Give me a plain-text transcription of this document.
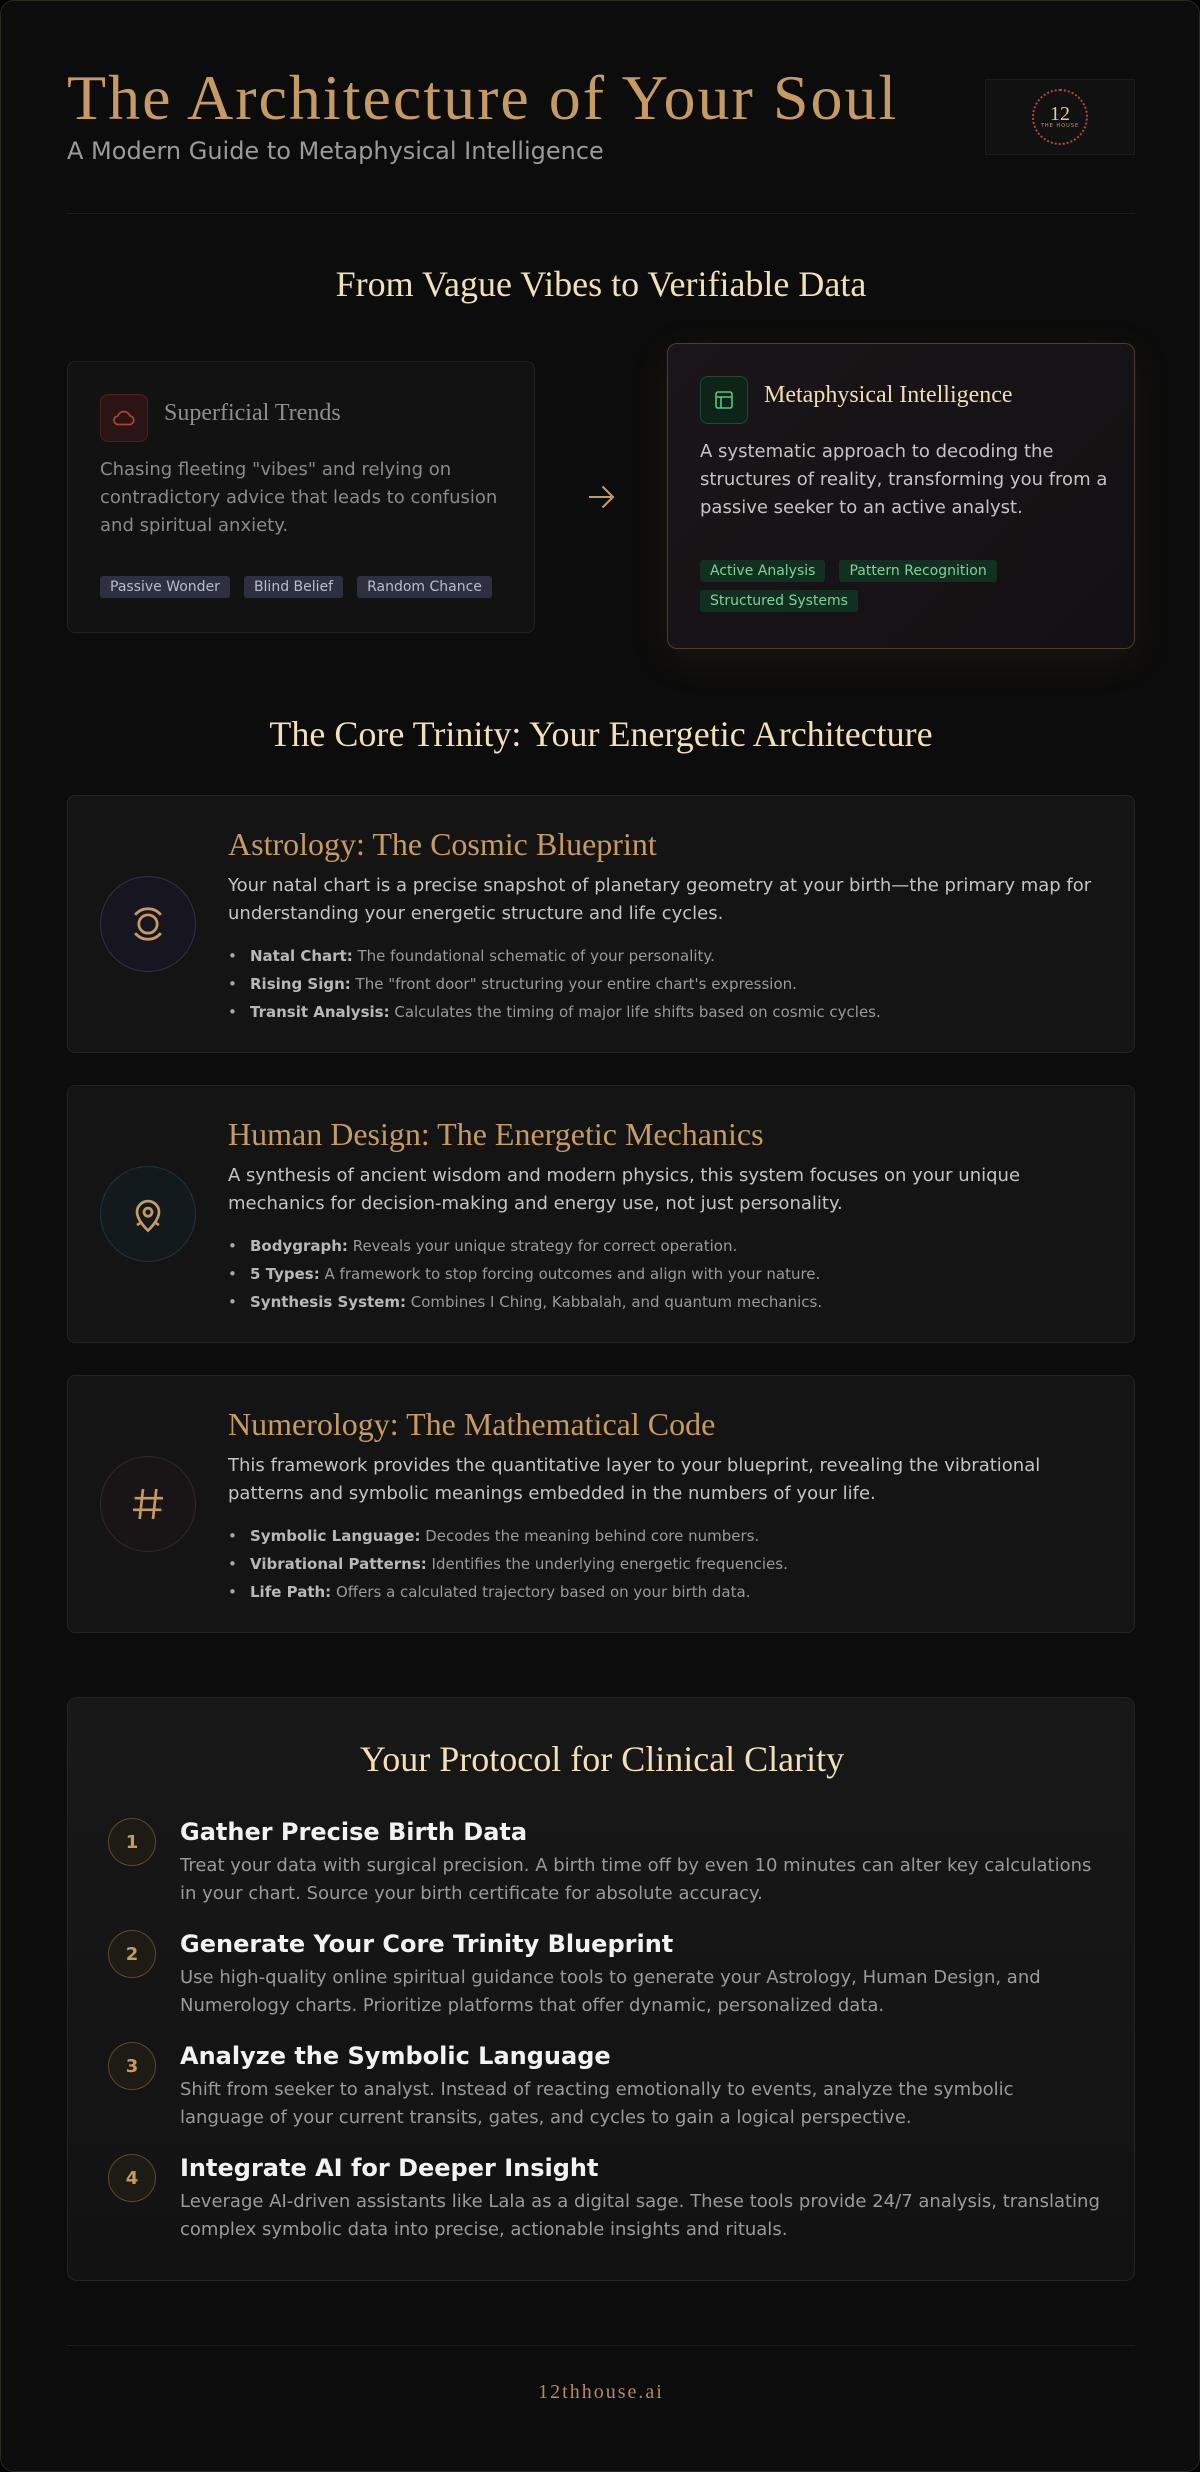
The Architecture of Your Soul
A Modern Guide to Metaphysical Intelligence
12
THE HOUSE
From Vague Vibes to Verifiable Data
Superficial Trends
Chasing fleeting "vibes" and relying on contradictory advice that leads to confusion and spiritual anxiety.
Passive Wonder	Blind Belief	Random Chance
Metaphysical Intelligence
A systematic approach to decoding the structures of reality, transforming you from a passive seeker to an active analyst.
Active Analysis	Pattern Recognition
Structured Systems
The Core Trinity: Your Energetic Architecture
Astrology: The Cosmic Blueprint
Your natal chart is a precise snapshot of planetary geometry at your birth—the primary map for understanding your energetic structure and life cycles.
• Natal Chart: The foundational schematic of your personality.
• Rising Sign: The "front door" structuring your entire chart's expression.
• Transit Analysis: Calculates the timing of major life shifts based on cosmic cycles.
Human Design: The Energetic Mechanics
A synthesis of ancient wisdom and modern physics, this system focuses on your unique mechanics for decision-making and energy use, not just personality.
• Bodygraph: Reveals your unique strategy for correct operation.
• 5 Types: A framework to stop forcing outcomes and align with your nature.
• Synthesis System: Combines I Ching, Kabbalah, and quantum mechanics.
Numerology: The Mathematical Code
This framework provides the quantitative layer to your blueprint, revealing the vibrational patterns and symbolic meanings embedded in the numbers of your life.
• Symbolic Language: Decodes the meaning behind core numbers.
• Vibrational Patterns: Identifies the underlying energetic frequencies.
• Life Path: Offers a calculated trajectory based on your birth data.
Your Protocol for Clinical Clarity
1	Gather Precise Birth Data
Treat your data with surgical precision. A birth time off by even 10 minutes can alter key calculations in your chart. Source your birth certificate for absolute accuracy.
2	Generate Your Core Trinity Blueprint
Use high-quality online spiritual guidance tools to generate your Astrology, Human Design, and Numerology charts. Prioritize platforms that offer dynamic, personalized data.
3	Analyze the Symbolic Language
Shift from seeker to analyst. Instead of reacting emotionally to events, analyze the symbolic language of your current transits, gates, and cycles to gain a logical perspective.
4	Integrate AI for Deeper Insight
Leverage AI-driven assistants like Lala as a digital sage. These tools provide 24/7 analysis, translating complex symbolic data into precise, actionable insights and rituals.
12thhouse.ai
